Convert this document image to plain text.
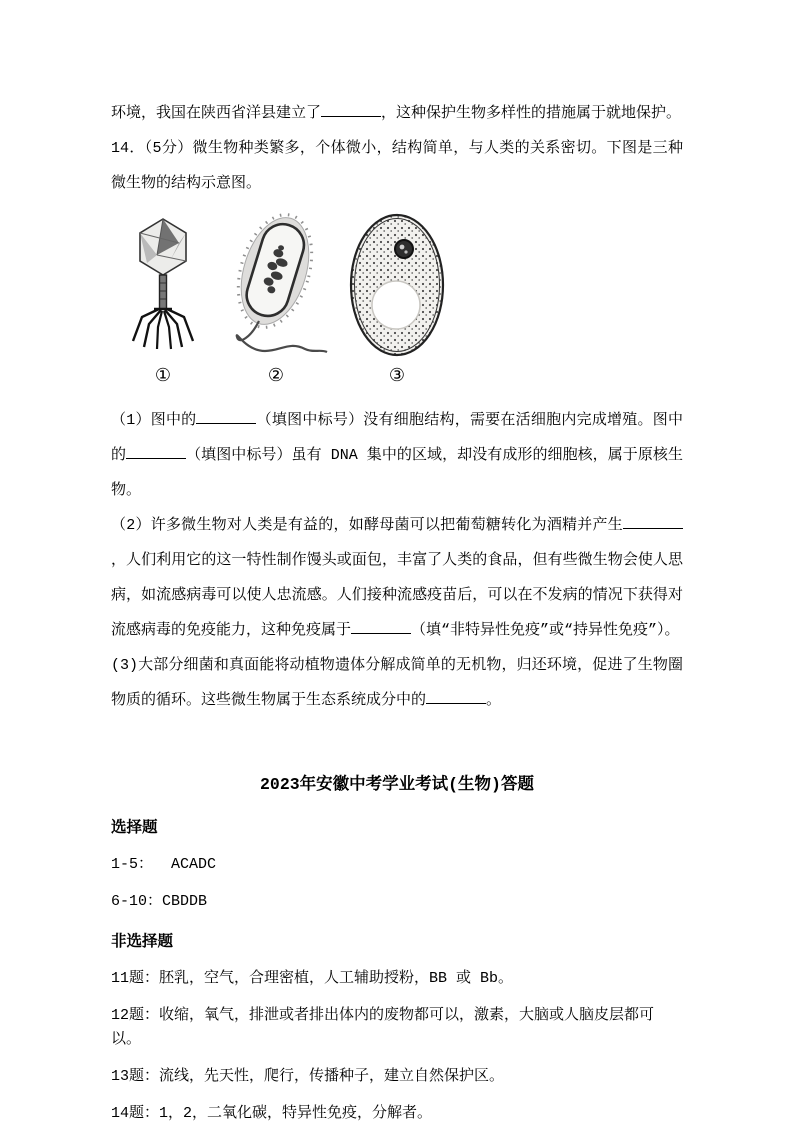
环境，我国在陕西省洋县建立了	，这种保护生物多样性的措施属于就地保护。

14．（5分）微生物种类繁多，个体微小，结构简单，与人类的关系密切。下图是三种微生物的结构示意图。

①	②	③

（1）图中的	（填图中标号）没有细胞结构，需要在活细胞内完成增殖。图中的	（填图中标号）虽有 DNA 集中的区域，却没有成形的细胞核，属于原核生物。

（2）许多微生物对人类是有益的，如酵母菌可以把葡萄糖转化为酒精并产生，人们利用它的这一特性制作馒头或面包，丰富了人类的食品，但有些微生物会使人思病，如流感病毒可以使人忠流感。人们接种流感疫苗后，可以在不发病的情况下获得对流感病毒的免疫能力，这种免疫属于	（填“非特异性免疫”或“持异性免疫”）。

(3)大部分细菌和真面能将动植物遗体分解成简单的无机物，归还环境，促进了生物圈物质的循环。这些微生物属于生态系统成分中的	。

2023年安徽中考学业考试(生物)答题

选择题

1-5：  ACADC

6-10：CBDDB

非选择题

11题：胚乳，空气，合理密植，人工辅助授粉，BB 或 Bb。

12题：收缩，氧气，排泄或者排出体内的废物都可以，激素，大脑或人脑皮层都可以。

13题：流线，先天性，爬行，传播种子，建立自然保护区。

14题：1，2，二氧化碳，特异性免疫，分解者。
